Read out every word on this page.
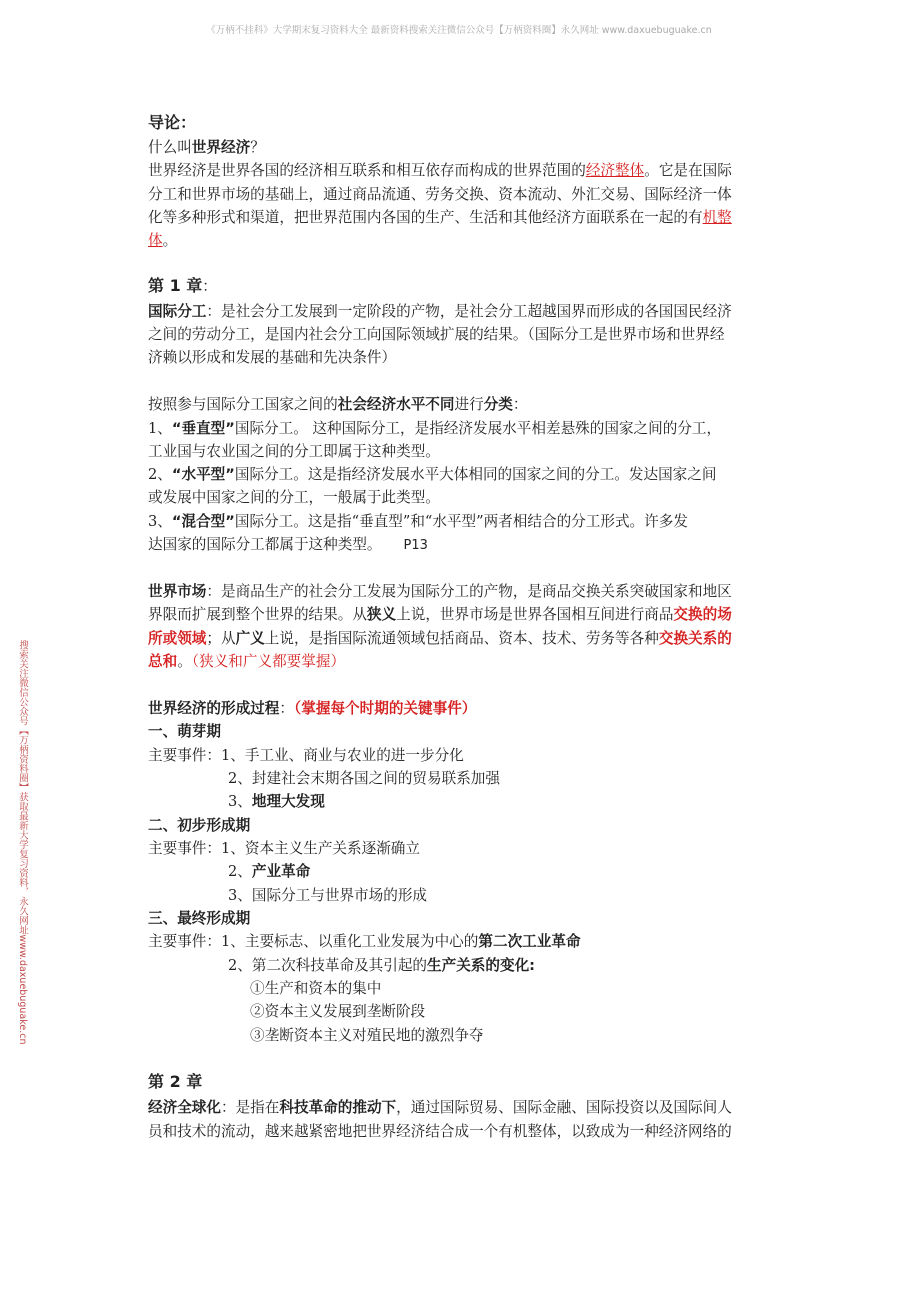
《万柄不挂科》大学期末复习资料大全 最新资料搜索关注微信公众号【万柄资料圈】永久网址 www.daxuebuguake.cn
搜索关注微信公众号【万柄资料圈】获取最新大学复习资料，永久网址www.daxuebuguake.cn
导论：
什么叫世界经济？
世界经济是世界各国的经济相互联系和相互依存而构成的世界范围的经济整体。它是在国际
分工和世界市场的基础上，通过商品流通、劳务交换、资本流动、外汇交易、国际经济一体
化等多种形式和渠道，把世界范围内各国的生产、生活和其他经济方面联系在一起的有机整
体。
第 1 章：
国际分工：是社会分工发展到一定阶段的产物，是社会分工超越国界而形成的各国国民经济
之间的劳动分工，是国内社会分工向国际领域扩展的结果。（国际分工是世界市场和世界经
济赖以形成和发展的基础和先决条件）
按照参与国际分工国家之间的社会经济水平不同进行分类：
1、“垂直型”国际分工。 这种国际分工，是指经济发展水平相差悬殊的国家之间的分工，
工业国与农业国之间的分工即属于这种类型。
2、“水平型”国际分工。这是指经济发展水平大体相同的国家之间的分工。发达国家之间
或发展中国家之间的分工，一般属于此类型。
3、“混合型”国际分工。这是指“垂直型”和“水平型”两者相结合的分工形式。许多发
达国家的国际分工都属于这种类型。 P13
世界市场：是商品生产的社会分工发展为国际分工的产物，是商品交换关系突破国家和地区
界限而扩展到整个世界的结果。从狭义上说，世界市场是世界各国相互间进行商品交换的场
所或领域；从广义上说，是指国际流通领域包括商品、资本、技术、劳务等各种交换关系的
总和。（狭义和广义都要掌握）
世界经济的形成过程：（掌握每个时期的关键事件）
一、萌芽期
主要事件：1、手工业、商业与农业的进一步分化
2、封建社会末期各国之间的贸易联系加强
3、地理大发现
二、初步形成期
主要事件：1、资本主义生产关系逐渐确立
2、产业革命
3、国际分工与世界市场的形成
三、最终形成期
主要事件：1、主要标志、以重化工业发展为中心的第二次工业革命
2、第二次科技革命及其引起的生产关系的变化:
①生产和资本的集中
②资本主义发展到垄断阶段
③垄断资本主义对殖民地的激烈争夺
第 2 章
经济全球化：是指在科技革命的推动下，通过国际贸易、国际金融、国际投资以及国际间人
员和技术的流动，越来越紧密地把世界经济结合成一个有机整体，以致成为一种经济网络的
